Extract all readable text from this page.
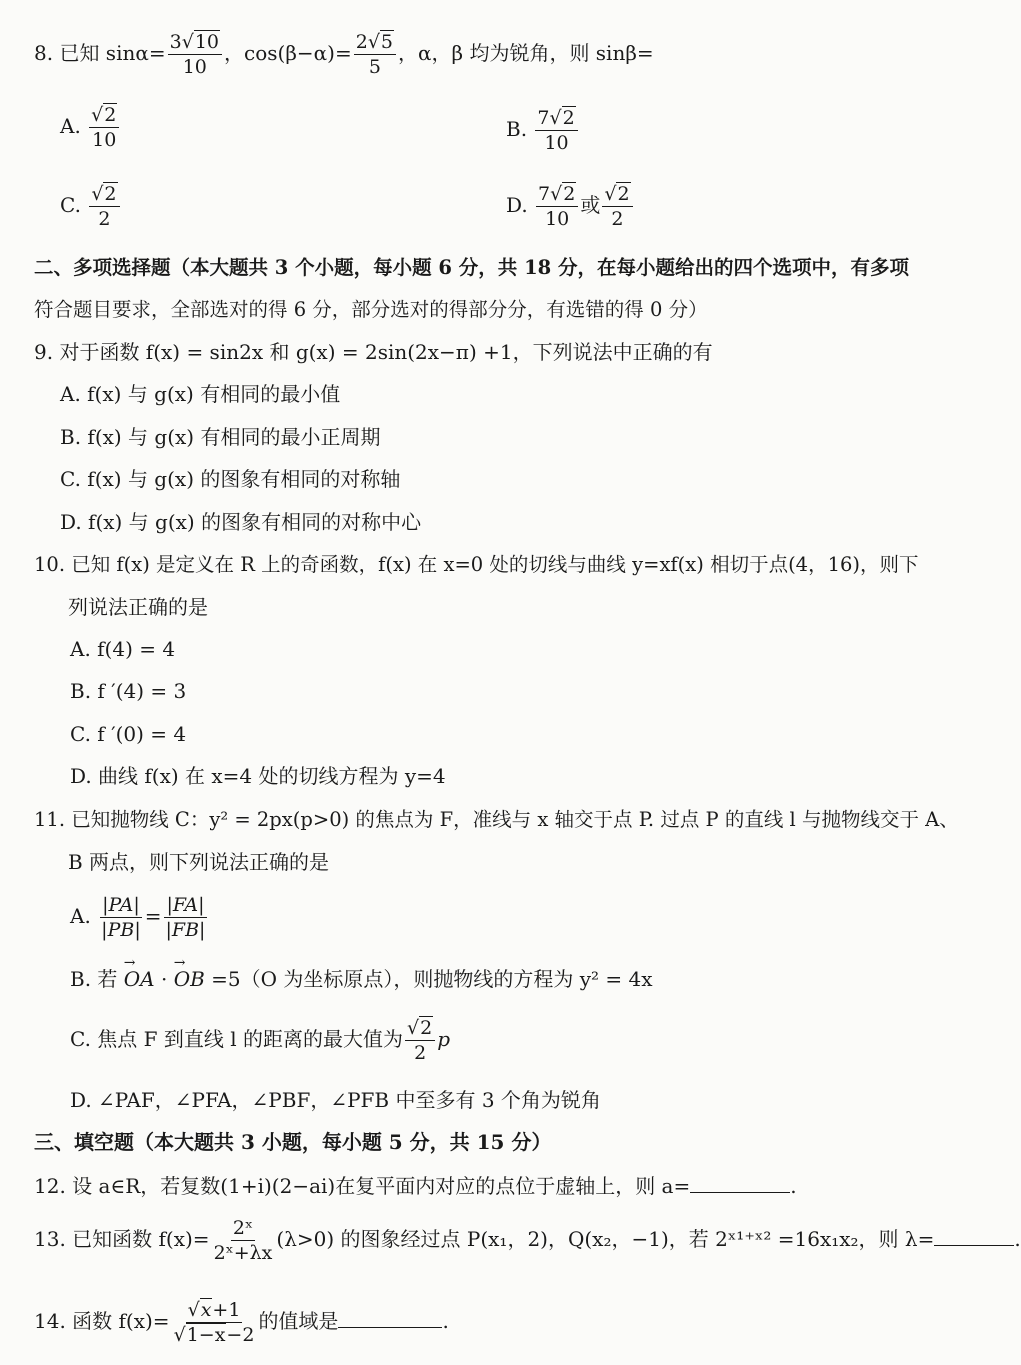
8. 已知 $\sin\alpha= \frac{3√10}{10}$ ，$\cos(\beta-\alpha)= \frac{2√5}{5}$ ，α，β 均为锐角，则 sinβ=
A. $\frac{√2}{10}$	B. $\frac{7√2}{10}$
C. $\frac{√2}{2}$	D. $\frac{7√2}{10}$ 或 $\frac{√2}{2}$
二、多项选择题（本大题共 3 个小题，每小题 6 分，共 18 分，在每小题给出的四个选项中，有多项
符合题目要求，全部选对的得 6 分，部分选对的得部分分，有选错的得 0 分）
9. 对于函数 f(x) = sin2x 和 g(x) = 2sin(2x−π) +1，下列说法中正确的有
A. f(x) 与 g(x) 有相同的最小值
B. f(x) 与 g(x) 有相同的最小正周期
C. f(x) 与 g(x) 的图象有相同的对称轴
D. f(x) 与 g(x) 的图象有相同的对称中心
10. 已知 f(x) 是定义在 R 上的奇函数，f(x) 在 x=0 处的切线与曲线 y=xf(x) 相切于点(4，16)，则下
列说法正确的是
A. f(4) = 4
B. f ′(4) = 3
C. f ′(0) = 4
D. 曲线 f(x) 在 x=4 处的切线方程为 y=4
11. 已知抛物线 C：y² = 2px(p>0) 的焦点为 F，准线与 x 轴交于点 P. 过点 P 的直线 l 与抛物线交于 A、
B 两点，则下列说法正确的是
A. $\frac{|PA|}{|PB|} = \frac{|FA|}{|FB|}$
B. 若 → OA · → OB =5（O 为坐标原点），则抛物线的方程为 y² = 4x
C. 焦点 F 到直线 l 的距离的最大值为 $\frac{√2}{2}$ p
D. ∠PAF，∠PFA，∠PBF，∠PFB 中至多有 3 个角为锐角
三、填空题（本大题共 3 小题，每小题 5 分，共 15 分）
12. 设 a∈R，若复数(1+i)(2−ai)在复平面内对应的点位于虚轴上，则 a=	.
13. 已知函数 $f(x)= \frac{\text{2ˣ}}{\text{2ˣ+λx}} (\lambda>0)$ 的图象经过点 P(x₁，2)，Q(x₂，−1)，若 2ˣ¹⁺ˣ² =16x₁x₂，则 λ=	.
14. 函数 $f(x)= \frac{√x+1}{√1-x-2}$ 的值域是	.
